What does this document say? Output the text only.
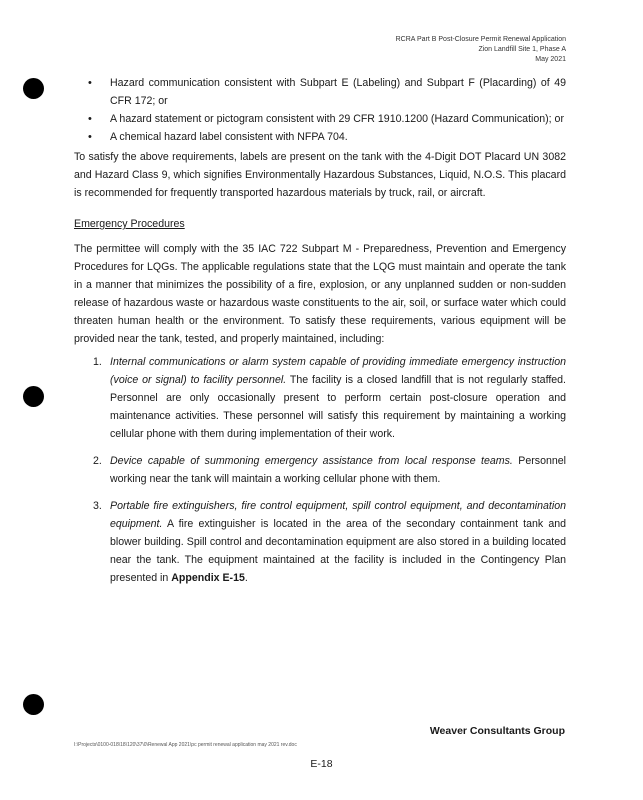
RCRA Part B Post-Closure Permit Renewal Application
Zion Landfill Site 1, Phase A
May 2021
• Hazard communication consistent with Subpart E (Labeling) and Subpart F (Placarding) of 49 CFR 172; or
• A hazard statement or pictogram consistent with 29 CFR 1910.1200 (Hazard Communication); or
• A chemical hazard label consistent with NFPA 704.

To satisfy the above requirements, labels are present on the tank with the 4-Digit DOT Placard UN 3082 and Hazard Class 9, which signifies Environmentally Hazardous Substances, Liquid, N.O.S. This placard is recommended for frequently transported hazardous materials by truck, rail, or aircraft.

Emergency Procedures

The permittee will comply with the 35 IAC 722 Subpart M - Preparedness, Prevention and Emergency Procedures for LQGs. The applicable regulations state that the LQG must maintain and operate the tank in a manner that minimizes the possibility of a fire, explosion, or any unplanned sudden or non-sudden release of hazardous waste or hazardous waste constituents to the air, soil, or surface water which could threaten human health or the environment. To satisfy these requirements, various equipment will be provided near the tank, tested, and properly maintained, including:

1. Internal communications or alarm system capable of providing immediate emergency instruction (voice or signal) to facility personnel. The facility is a closed landfill that is not regularly staffed. Personnel are only occasionally present to perform certain post-closure operation and maintenance activities. These personnel will satisfy this requirement by maintaining a working cellular phone with them during implementation of their work.
2. Device capable of summoning emergency assistance from local response teams. Personnel working near the tank will maintain a working cellular phone with them.
3. Portable fire extinguishers, fire control equipment, spill control equipment, and decontamination equipment. A fire extinguisher is located in the area of the secondary containment tank and blower building. Spill control and decontamination equipment are also stored in a building located near the tank. The equipment maintained at the facility is included in the Contingency Plan presented in Appendix E-15.
Weaver Consultants Group
I:\Projects\0100-018\18\120\37\0\Renewal App 2021\pc permit renewal application may 2021 rev.doc
E-18
